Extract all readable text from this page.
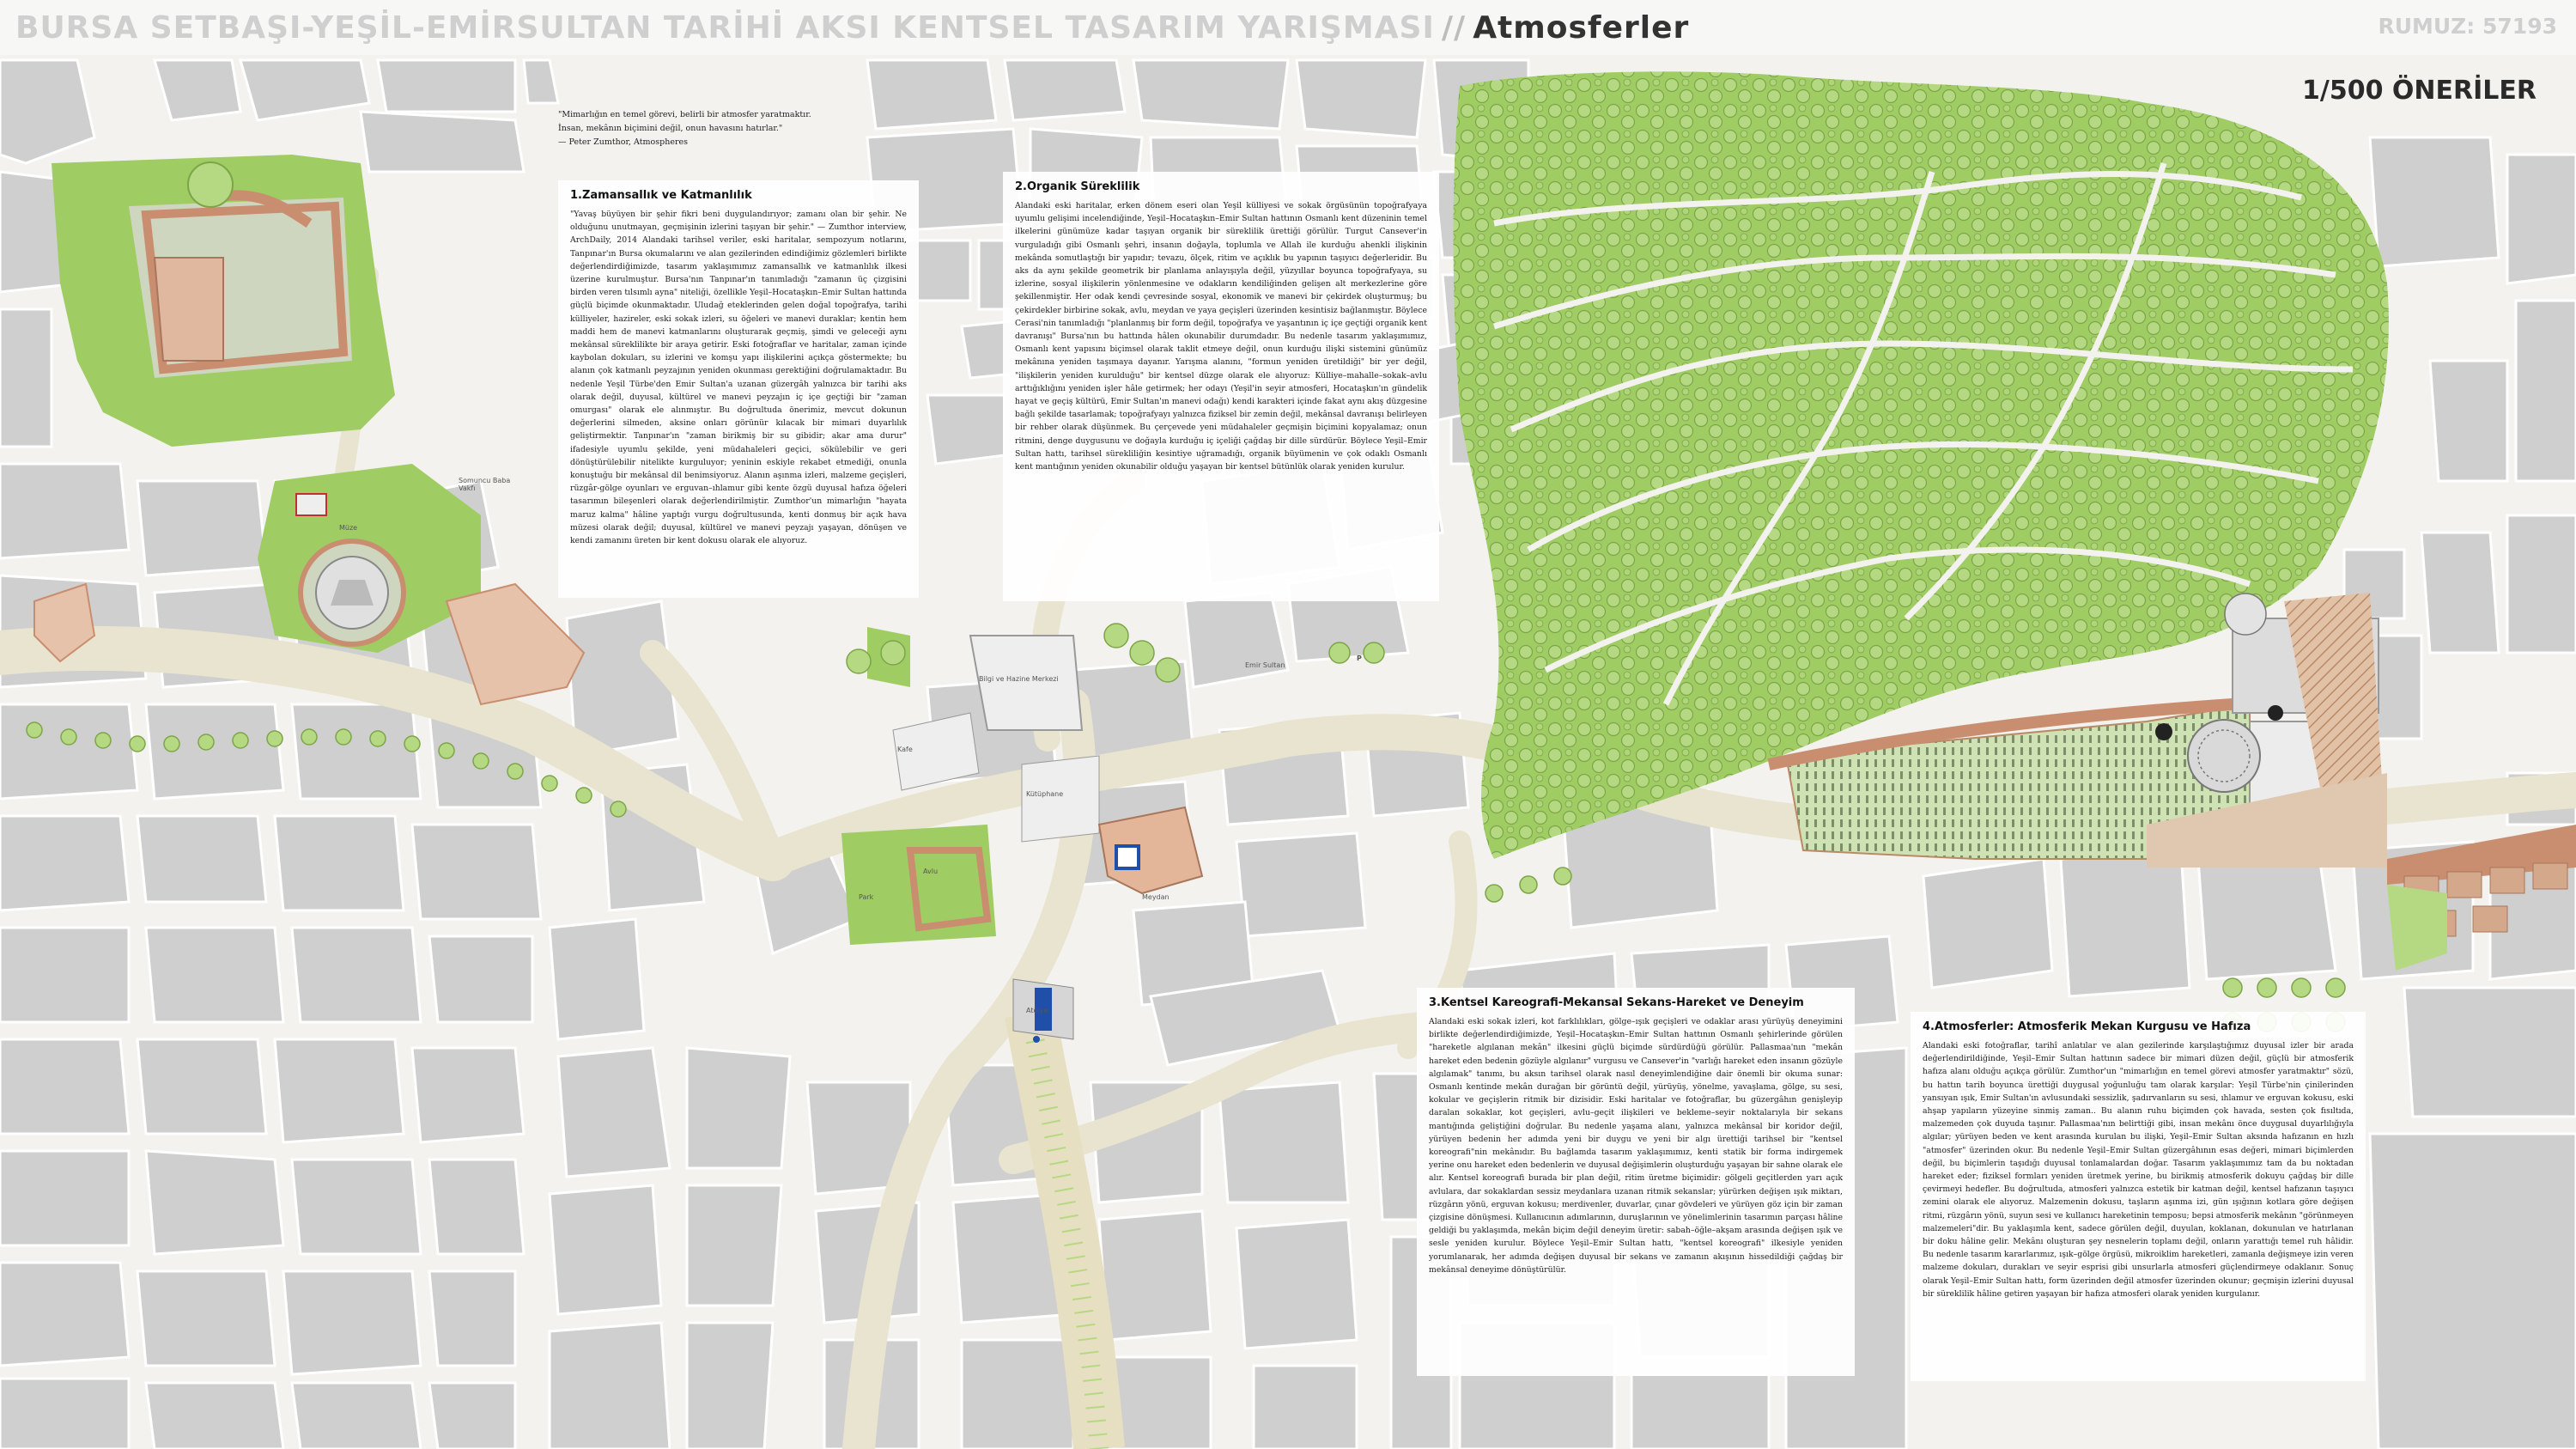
BURSA SETBAŞI-YEŞİL-EMİRSULTAN TARİHİ AKSI KENTSEL TASARIM YARIŞMASI // Atmosferler	RUMUZ: 57193
1/500 ÖNERİLER
"Mimarlığın en temel görevi, belirli bir atmosfer yaratmaktır.
İnsan, mekânın biçimini değil, onun havasını hatırlar."
— Peter Zumthor, Atmospheres
1.Zamansallık ve Katmanlılık

"Yavaş büyüyen bir şehir fikri beni duygulandırıyor; zamanı olan bir şehir. Ne olduğunu unutmayan, geçmişinin izlerini taşıyan bir şehir." — Zumthor interview, ArchDaily, 2014 Alandaki tarihsel veriler, eski haritalar, sempozyum notlarını, Tanpınar'ın Bursa okumalarını ve alan gezilerinden edindiğimiz gözlemleri birlikte değerlendirdiğimizde, tasarım yaklaşımımız zamansallık ve katmanlılık ilkesi üzerine kurulmuştur. Bursa'nın Tanpınar'ın tanımladığı "zamanın üç çizgisini birden veren tılsımlı ayna" niteliği, özellikle Yeşil–Hocataşkın–Emir Sultan hattında güçlü biçimde okunmaktadır. Uludağ eteklerinden gelen doğal topoğrafya, tarihi külliyeler, hazireler, eski sokak izleri, su öğeleri ve manevi duraklar; kentin hem maddi hem de manevi katmanlarını oluşturarak geçmiş, şimdi ve geleceği aynı mekânsal süreklilikte bir araya getirir. Eski fotoğraflar ve haritalar, zaman içinde kaybolan dokuları, su izlerini ve komşu yapı ilişkilerini açıkça göstermekte; bu alanın çok katmanlı peyzajının yeniden okunması gerektiğini doğrulamaktadır. Bu nedenle Yeşil Türbe'den Emir Sultan'a uzanan güzergâh yalnızca bir tarihi aks olarak değil, duyusal, kültürel ve manevi peyzajın iç içe geçtiği bir "zaman omurgası" olarak ele alınmıştır. Bu doğrultuda önerimiz, mevcut dokunun değerlerini silmeden, aksine onları görünür kılacak bir mimari duyarlılık geliştirmektir. Tanpınar'ın "zaman birikmiş bir su gibidir; akar ama durur" ifadesiyle uyumlu şekilde, yeni müdahaleleri geçici, sökülebilir ve geri dönüştürülebilir nitelikte kurguluyor; yeninin eskiyle rekabet etmediği, onunla konuştuğu bir mekânsal dil benimsiyoruz. Alanın aşınma izleri, malzeme geçişleri, rüzgâr-gölge oyunları ve erguvan–ıhlamur gibi kente özgü duyusal hafıza öğeleri tasarımın bileşenleri olarak değerlendirilmiştir. Zumthor'un mimarlığın "hayata maruz kalma" hâline yaptığı vurgu doğrultusunda, kenti donmuş bir açık hava müzesi olarak değil; duyusal, kültürel ve manevi peyzajı yaşayan, dönüşen ve kendi zamanını üreten bir kent dokusu olarak ele alıyoruz.

2.Organik Süreklilik

Alandaki eski haritalar, erken dönem eseri olan Yeşil külliyesi ve sokak örgüsünün topoğrafyaya uyumlu gelişimi incelendiğinde, Yeşil–Hocataşkın–Emir Sultan hattının Osmanlı kent düzeninin temel ilkelerini günümüze kadar taşıyan organik bir süreklilik ürettiği görülür. Turgut Cansever'in vurguladığı gibi Osmanlı şehri, insanın doğayla, toplumla ve Allah ile kurduğu ahenkli ilişkinin mekânda somutlaştığı bir yapıdır; tevazu, ölçek, ritim ve açıklık bu yapının taşıyıcı değerleridir. Bu aks da aynı şekilde geometrik bir planlama anlayışıyla değil, yüzyıllar boyunca topoğrafyaya, su izlerine, sosyal ilişkilerin yönlenmesine ve odakların kendiliğinden gelişen alt merkezlerine göre şekillenmiştir. Her odak kendi çevresinde sosyal, ekonomik ve manevi bir çekirdek oluşturmuş; bu çekirdekler birbirine sokak, avlu, meydan ve yaya geçişleri üzerinden kesintisiz bağlanmıştır. Böylece Cerasi'nin tanımladığı "planlanmış bir form değil, topoğrafya ve yaşantının iç içe geçtiği organik kent davranışı" Bursa'nın bu hattında hâlen okunabilir durumdadır. Bu nedenle tasarım yaklaşımımız, Osmanlı kent yapısını biçimsel olarak taklit etmeye değil, onun kurduğu ilişki sistemini günümüz mekânına yeniden taşımaya dayanır. Yarışma alanını, "formun yeniden üretildiği" bir yer değil, "ilişkilerin yeniden kurulduğu" bir kentsel düzge olarak ele alıyoruz: Külliye–mahalle–sokak–avlu arttığıklığını yeniden işler hâle getirmek; her odayı (Yeşil'in seyir atmosferi, Hocataşkın'ın gündelik hayat ve geçiş kültürü, Emir Sultan'ın manevi odağı) kendi karakteri içinde fakat aynı akış düzgesine bağlı şekilde tasarlamak; topoğrafyayı yalnızca fiziksel bir zemin değil, mekânsal davranışı belirleyen bir rehber olarak düşünmek. Bu çerçevede yeni müdahaleler geçmişin biçimini kopyalamaz; onun ritmini, denge duygusunu ve doğayla kurduğu iç içeliği çağdaş bir dille sürdürür. Böylece Yeşil–Emir Sultan hattı, tarihsel sürekliliğin kesintiye uğramadığı, organik büyümenin ve çok odaklı Osmanlı kent mantığının yeniden okunabilir olduğu yaşayan bir kentsel bütünlük olarak yeniden kurulur.

3.Kentsel Kareografi-Mekansal Sekans-Hareket ve Deneyim

Alandaki eski sokak izleri, kot farklılıkları, gölge–ışık geçişleri ve odaklar arası yürüyüş deneyimini birlikte değerlendirdiğimizde, Yeşil–Hocataşkın–Emir Sultan hattının Osmanlı şehirlerinde görülen "hareketle algılanan mekân" ilkesini güçlü biçimde sürdürdüğü görülür. Pallasmaa'nın "mekân hareket eden bedenin gözüyle algılanır" vurgusu ve Cansever'in "varlığı hareket eden insanın gözüyle algılamak" tanımı, bu aksın tarihsel olarak nasıl deneyimlendiğine dair önemli bir okuma sunar: Osmanlı kentinde mekân durağan bir görüntü değil, yürüyüş, yönelme, yavaşlama, gölge, su sesi, kokular ve geçişlerin ritmik bir dizisidir. Eski haritalar ve fotoğraflar, bu güzergâhın genişleyip daralan sokaklar, kot geçişleri, avlu–geçit ilişkileri ve bekleme–seyir noktalarıyla bir sekans mantığında geliştiğini doğrular. Bu nedenle yaşama alanı, yalnızca mekânsal bir koridor değil, yürüyen bedenin her adımda yeni bir duygu ve yeni bir algı ürettiği tarihsel bir "kentsel koreografi"nin mekânıdır. Bu bağlamda tasarım yaklaşımımız, kenti statik bir forma indirgemek yerine onu hareket eden bedenlerin ve duyusal değişimlerin oluşturduğu yaşayan bir sahne olarak ele alır. Kentsel koreografi burada bir plan değil, ritim üretme biçimidir: gölgeli geçitlerden yarı açık avlulara, dar sokaklardan sessiz meydanlara uzanan ritmik sekanslar; yürürken değişen ışık miktarı, rüzgârın yönü, erguvan kokusu; merdivenler, duvarlar, çınar gövdeleri ve yürüyen göz için bir zaman çizgisine dönüşmesi. Kullanıcının adımlarının, duruşlarının ve yönelimlerinin tasarımın parçası hâline geldiği bu yaklaşımda, mekân biçim değil deneyim üretir: sabah–öğle–akşam arasında değişen ışık ve sesle yeniden kurulur. Böylece Yeşil–Emir Sultan hattı, "kentsel koreografi" ilkesiyle yeniden yorumlanarak, her adımda değişen duyusal bir sekans ve zamanın akışının hissedildiği çağdaş bir mekânsal deneyime dönüştürülür.

4.Atmosferler: Atmosferik Mekan Kurgusu ve Hafıza

Alandaki eski fotoğraflar, tarihî anlatılar ve alan gezilerinde karşılaştığımız duyusal izler bir arada değerlendirildiğinde, Yeşil–Emir Sultan hattının sadece bir mimari düzen değil, güçlü bir atmosferik hafıza alanı olduğu açıkça görülür. Zumthor'un "mimarlığın en temel görevi atmosfer yaratmaktır" sözü, bu hattın tarih boyunca ürettiği duygusal yoğunluğu tam olarak karşılar: Yeşil Türbe'nin çinilerinden yansıyan ışık, Emir Sultan'ın avlusundaki sessizlik, şadırvanların su sesi, ıhlamur ve erguvan kokusu, eski ahşap yapıların yüzeyine sinmiş zaman.. Bu alanın ruhu biçimden çok havada, sesten çok fısıltıda, malzemeden çok duyuda taşınır. Pallasmaa'nın belirttiği gibi, insan mekânı önce duygusal duyarlılığıyla algılar; yürüyen beden ve kent arasında kurulan bu ilişki, Yeşil–Emir Sultan aksında hafızanın en hızlı "atmosfer" üzerinden okur. Bu nedenle Yeşil–Emir Sultan güzergâhının esas değeri, mimari biçimlerden değil, bu biçimlerin taşıdığı duyusal tonlamalardan doğar. Tasarım yaklaşımımız tam da bu noktadan hareket eder; fiziksel formları yeniden üretmek yerine, bu birikmiş atmosferik dokuyu çağdaş bir dille çevirmeyi hedefler. Bu doğrultuda, atmosferi yalnızca estetik bir katman değil, kentsel hafızanın taşıyıcı zemini olarak ele alıyoruz. Malzemenin dokusu, taşların aşınma izi, gün ışığının kotlara göre değişen ritmi, rüzgârın yönü, suyun sesi ve kullanıcı hareketinin temposu; bepsi atmosferik mekânın "görünmeyen malzemeleri"dir. Bu yaklaşımla kent, sadece görülen değil, duyulan, koklanan, dokunulan ve hatırlanan bir doku hâline gelir. Mekânı oluşturan şey nesnelerin toplamı değil, onların yarattığı temel ruh hâlidir. Bu nedenle tasarım kararlarımız, ışık–gölge örgüsü, mikroiklim hareketleri, zamanla değişmeye izin veren malzeme dokuları, durakları ve seyir esprisi gibi unsurlarla atmosferi güçlendirmeye odaklanır. Sonuç olarak Yeşil–Emir Sultan hattı, form üzerinden değil atmosfer üzerinden okunur; geçmişin izlerini duyusal bir süreklilik hâline getiren yaşayan bir hafıza atmosferi olarak yeniden kurgulanır.

Somuncu Baba
Vakfı
Müze
Bilgi ve Hazine Merkezi
Kafe
Kütüphane
Avlu
Atölye
Meydan
Park
P
Emir Sultan
